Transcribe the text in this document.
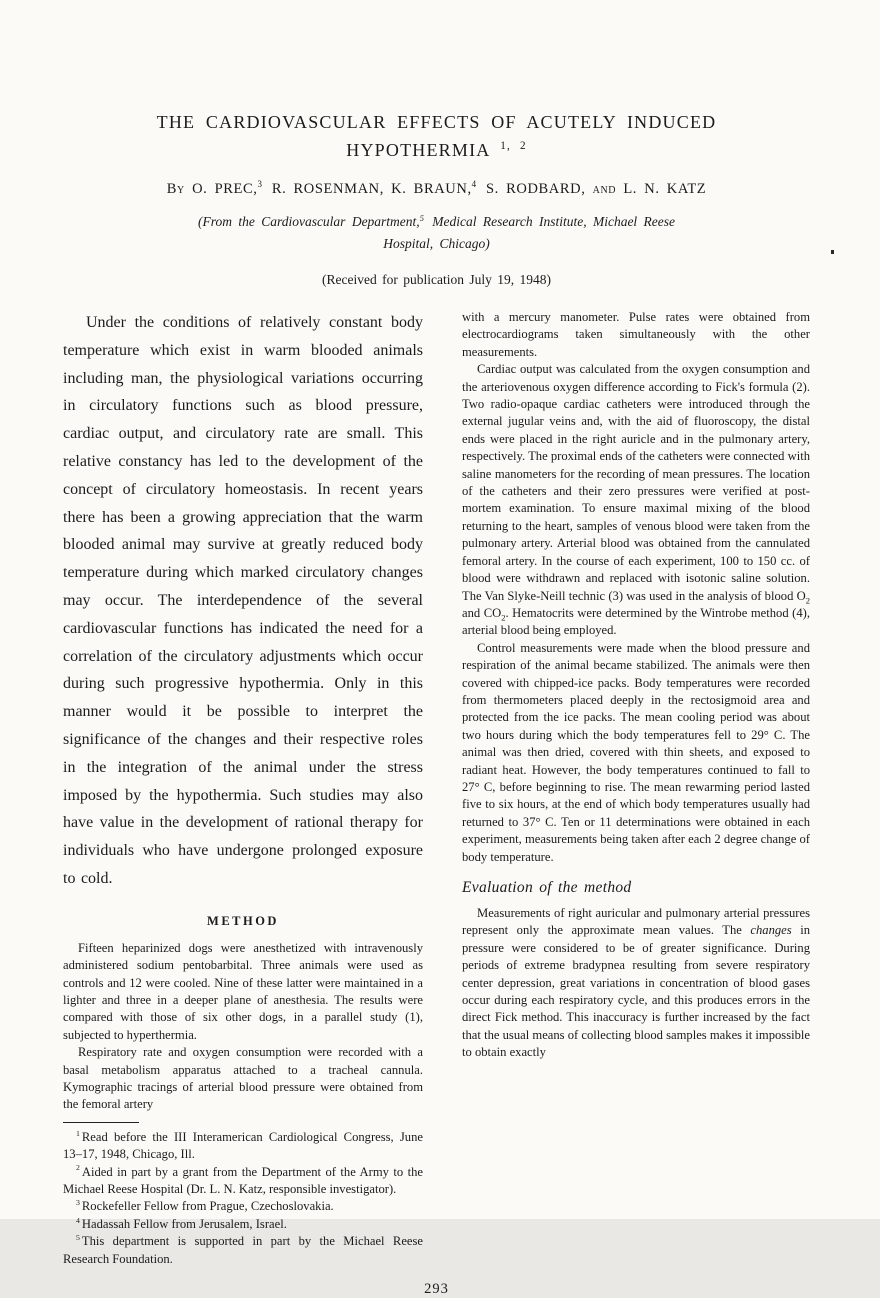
THE CARDIOVASCULAR EFFECTS OF ACUTELY INDUCED
HYPOTHERMIA $^{1, 2}$
By O. PREC,$^3$ R. ROSENMAN, K. BRAUN,$^4$ S. RODBARD, and L. N. KATZ
(From the Cardiovascular Department,$^5$ Medical Research Institute, Michael Reese
Hospital, Chicago)
(Received for publication July 19, 1948)

Under the conditions of relatively constant body temperature which exist in warm blooded animals including man, the physiological variations occurring in circulatory functions such as blood pressure, cardiac output, and circulatory rate are small. This relative constancy has led to the development of the concept of circulatory homeostasis. In recent years there has been a growing appreciation that the warm blooded animal may survive at greatly reduced body temperature during which marked circulatory changes may occur. The interdependence of the several cardiovascular functions has indicated the need for a correlation of the circulatory adjustments which occur during such progressive hypothermia. Only in this manner would it be possible to interpret the significance of the changes and their respective roles in the integration of the animal under the stress imposed by the hypothermia. Such studies may also have value in the development of rational therapy for individuals who have undergone prolonged exposure to cold.

METHOD

Fifteen heparinized dogs were anesthetized with intravenously administered sodium pentobarbital. Three animals were used as controls and 12 were cooled. Nine of these latter were maintained in a lighter and three in a deeper plane of anesthesia. The results were compared with those of six other dogs, in a parallel study (1), subjected to hyperthermia.

Respiratory rate and oxygen consumption were recorded with a basal metabolism apparatus attached to a tracheal cannula. Kymographic tracings of arterial blood pressure were obtained from the femoral artery

$^1$ Read before the III Interamerican Cardiological Congress, June 13–17, 1948, Chicago, Ill.

$^2$ Aided in part by a grant from the Department of the Army to the Michael Reese Hospital (Dr. L. N. Katz, responsible investigator).

$^3$ Rockefeller Fellow from Prague, Czechoslovakia.

$^4$ Hadassah Fellow from Jerusalem, Israel.

$^5$ This department is supported in part by the Michael Reese Research Foundation.

with a mercury manometer. Pulse rates were obtained from electrocardiograms taken simultaneously with the other measurements.

Cardiac output was calculated from the oxygen consumption and the arteriovenous oxygen difference according to Fick's formula (2). Two radio-opaque cardiac catheters were introduced through the external jugular veins and, with the aid of fluoroscopy, the distal ends were placed in the right auricle and in the pulmonary artery, respectively. The proximal ends of the catheters were connected with saline manometers for the recording of mean pressures. The location of the catheters and their zero pressures were verified at post-mortem examination. To ensure maximal mixing of the blood returning to the heart, samples of venous blood were taken from the pulmonary artery. Arterial blood was obtained from the cannulated femoral artery. In the course of each experiment, 100 to 150 cc. of blood were withdrawn and replaced with isotonic saline solution. The Van Slyke-Neill technic (3) was used in the analysis of blood $O_2$ and $CO_2$. Hematocrits were determined by the Wintrobe method (4), arterial blood being employed.

Control measurements were made when the blood pressure and respiration of the animal became stabilized. The animals were then covered with chipped-ice packs. Body temperatures were recorded from thermometers placed deeply in the rectosigmoid area and protected from the ice packs. The mean cooling period was about two hours during which the body temperatures fell to 29° C. The animal was then dried, covered with thin sheets, and exposed to radiant heat. However, the body temperatures continued to fall to 27° C, before beginning to rise. The mean rewarming period lasted five to six hours, at the end of which body temperatures usually had returned to 37° C. Ten or 11 determinations were obtained in each experiment, measurements being taken after each 2 degree change of body temperature.

Evaluation of the method

Measurements of right auricular and pulmonary arterial pressures represent only the approximate mean values. The changes in pressure were considered to be of greater significance. During periods of extreme bradypnea resulting from severe respiratory center depression, great variations in concentration of blood gases occur during each respiratory cycle, and this produces errors in the direct Fick method. This inaccuracy is further increased by the fact that the usual means of collecting blood samples makes it impossible to obtain exactly

293
